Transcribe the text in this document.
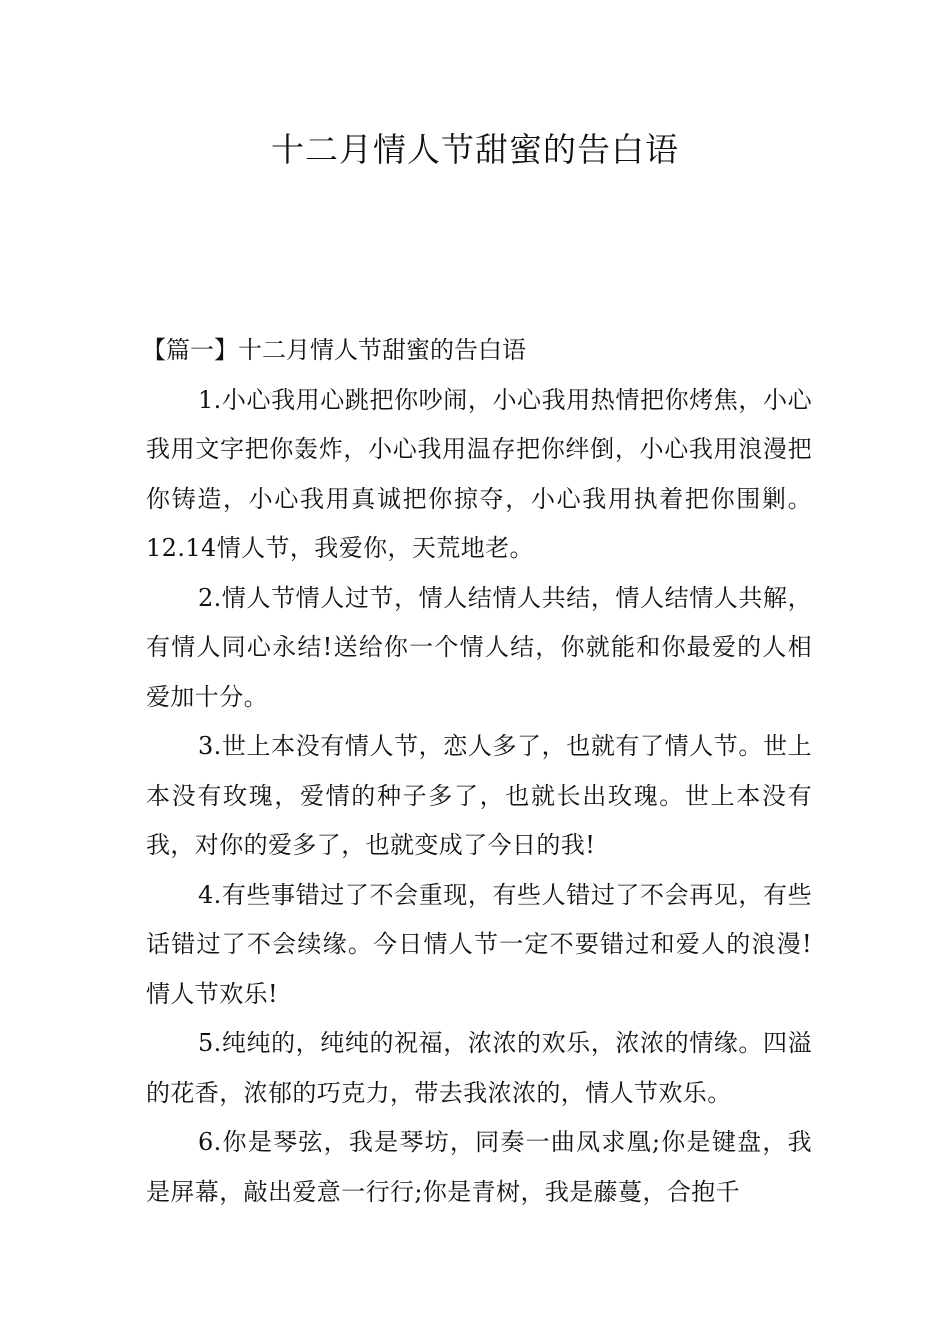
十二月情人节甜蜜的告白语
【篇一】十二月情人节甜蜜的告白语

1.小心我用心跳把你吵闹，小心我用热情把你烤焦，小心我用文字把你轰炸，小心我用温存把你绊倒，小心我用浪漫把你铸造，小心我用真诚把你掠夺，小心我用执着把你围剿。12.14情人节，我爱你，天荒地老。

2.情人节情人过节，情人结情人共结，情人结情人共解，有情人同心永结!送给你一个情人结，你就能和你最爱的人相爱加十分。

3.世上本没有情人节，恋人多了，也就有了情人节。世上本没有玫瑰，爱情的种子多了，也就长出玫瑰。世上本没有我，对你的爱多了，也就变成了今日的我!

4.有些事错过了不会重现，有些人错过了不会再见，有些话错过了不会续缘。今日情人节一定不要错过和爱人的浪漫!情人节欢乐!

5.纯纯的，纯纯的祝福，浓浓的欢乐，浓浓的情缘。四溢的花香，浓郁的巧克力，带去我浓浓的，情人节欢乐。

6.你是琴弦，我是琴坊，同奏一曲凤求凰;你是键盘，我是屏幕，敲出爱意一行行;你是青树，我是藤蔓，合抱千
